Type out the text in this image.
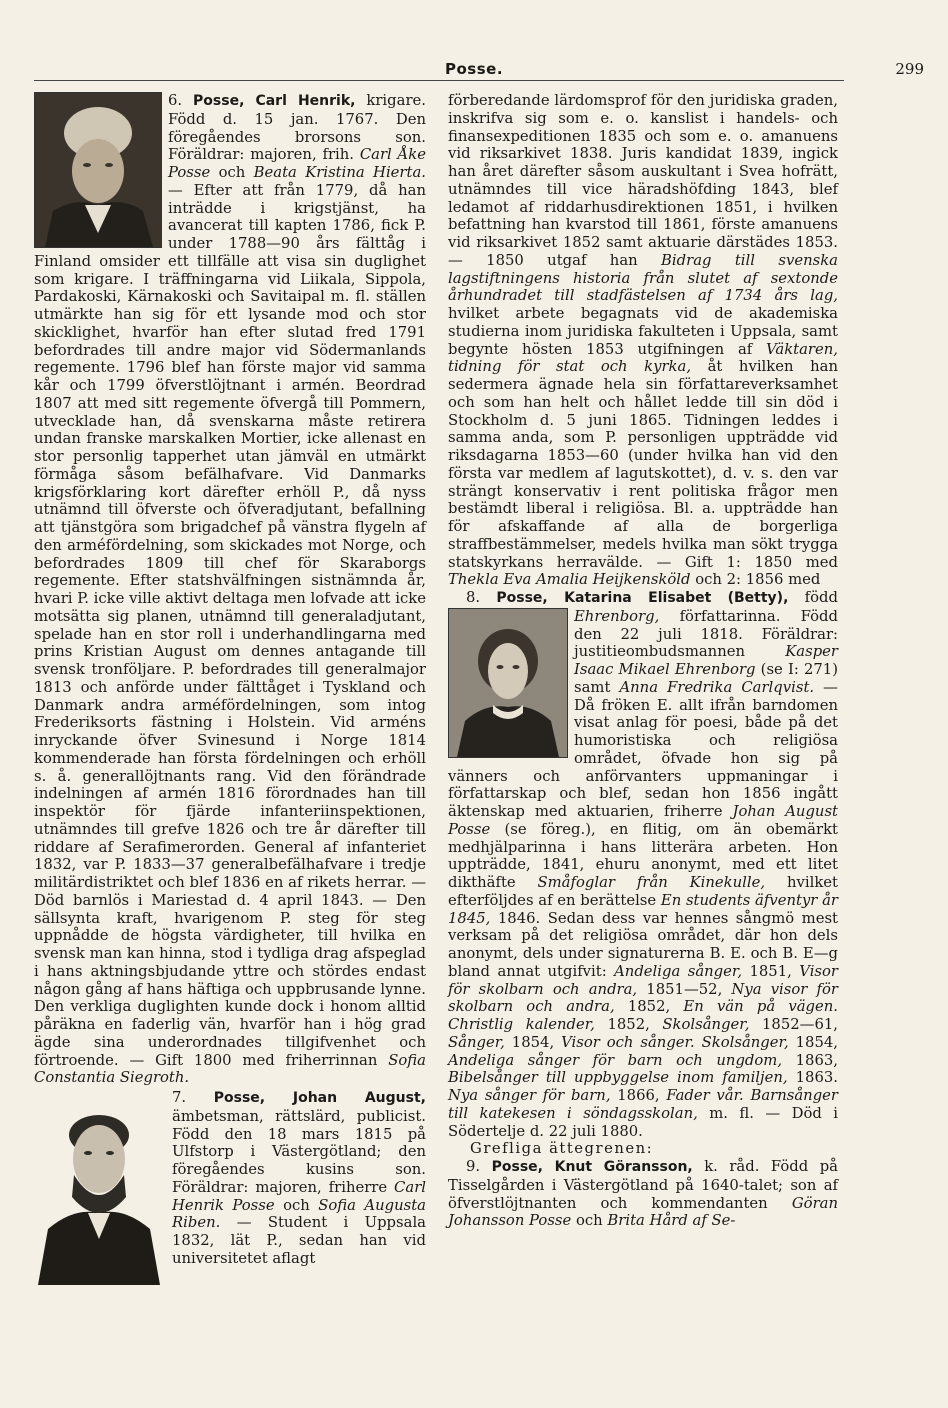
Posse.	299

6. Posse, Carl Henrik,
krigare. Född d. 15 jan. 1767. Den föregåendes brorsons son. Föräldrar: majoren, frih. Carl Åke Posse och Beata Kristina Hierta. — Efter att från 1779, då han inträdde i krigstjänst, ha avancerat till kapten 1786, fick P. under 1788—90 års fälttåg i Finland omsider ett tillfälle att visa sin duglighet som krigare. I träffningarna vid Liikala, Sippola, Pardakoski, Kärnakoski och Savitaipal m. fl. ställen utmärkte han sig för ett lysande mod och stor skicklighet, hvarför han efter slutad fred 1791 befordrades till andre major vid Södermanlands regemente. 1796 blef han förste major vid samma kår och 1799 öfverstlöjtnant i armén. Beordrad 1807 att med sitt regemente öfvergå till Pommern, utvecklade han, då svenskarna måste retirera undan franske marskalken Mortier, icke allenast en stor personlig tapperhet utan jämväl en utmärkt förmåga såsom befälhafvare. Vid Danmarks krigsförklaring kort därefter erhöll P., då nyss utnämnd till öfverste och öfveradjutant, befallning att tjänstgöra som brigadchef på vänstra flygeln af den arméfördelning, som skickades mot Norge, och befordrades 1809 till chef för Skaraborgs regemente. Efter statshvälfningen sistnämnda år, hvari P. icke ville aktivt deltaga men lofvade att icke motsätta sig planen, utnämnd till generaladjutant, spelade han en stor roll i underhandlingarna med prins Kristian August om dennes antagande till svensk tronföljare. P. befordrades till generalmajor 1813 och anförde under fälttåget i Tyskland och Danmark andra arméfördelningen, som intog Frederiksorts fästning i Holstein. Vid arméns inryckande öfver Svinesund i Norge 1814 kommenderade han första fördelningen och erhöll s. å. generallöjtnants rang. Vid den förändrade indelningen af armén 1816 förordnades han till inspektör för fjärde infanteriinspektionen, utnämndes till grefve 1826 och tre år därefter till riddare af Serafimerorden. General af infanteriet 1832, var P. 1833—37 generalbefälhafvare i tredje militärdistriktet och blef 1836 en af rikets herrar. — Död barnlös i Mariestad d. 4 april 1843. — Den sällsynta kraft, hvarigenom P. steg för steg uppnådde de högsta värdigheter, till hvilka en svensk man kan hinna, stod i tydliga drag afspeglad i hans aktningsbjudande yttre och stördes endast någon gång af hans häftiga och uppbrusande lynne. Den verkliga duglighten kunde dock i honom alltid påräkna en faderlig vän, hvarför han i hög grad ägde sina underordnades tillgifvenhet och förtroende. — Gift 1800 med friherrinnan Sofia Constantia Siegroth.

7. Posse, Johan August,
ämbetsman, rättslärd, publicist. Född den 18 mars 1815 på Ulfstorp i Västergötland; den föregåendes kusins son. Föräldrar: majoren, friherre Carl Henrik Posse och Sofia Augusta Riben. — Student i Uppsala 1832, lät P., sedan han vid universitetet aflagt

förberedande lärdomsprof för den juridiska graden, inskrifva sig som e. o. kanslist i handels- och finansexpeditionen 1835 och som e. o. amanuens vid riksarkivet 1838. Juris kandidat 1839, ingick han året därefter såsom auskultant i Svea hofrätt, utnämndes till vice häradshöfding 1843, blef ledamot af riddarhusdirektionen 1851, i hvilken befattning han kvarstod till 1861, förste amanuens vid riksarkivet 1852 samt aktuarie därstädes 1853. — 1850 utgaf han Bidrag till svenska lagstiftningens historia från slutet af sextonde århundradet till stadfästelsen af 1734 års lag, hvilket arbete begagnats vid de akademiska studierna inom juridiska fakulteten i Uppsala, samt begynte hösten 1853 utgifningen af Väktaren, tidning för stat och kyrka, åt hvilken han sedermera ägnade hela sin författareverksamhet och som han helt och hållet ledde till sin död i Stockholm d. 5 juni 1865. Tidningen leddes i samma anda, som P. personligen uppträdde vid riksdagarna 1853—60 (under hvilka han vid den första var medlem af lagutskottet), d. v. s. den var strängt konservativ i rent politiska frågor men bestämdt liberal i religiösa. Bl. a. uppträdde han för afskaffande af alla de borgerliga straffbestämmelser, medels hvilka man sökt trygga statskyrkans herravälde. — Gift 1: 1850 med Thekla Eva Amalia Heijkensköld och 2: 1856 med

8. Posse, Katarina Elisabet (Betty),
född Ehrenborg, författarinna. Född den 22 juli 1818. Föräldrar: justitieombudsmannen Kasper Isaac Mikael Ehrenborg (se I: 271) samt Anna Fredrika Carlqvist. — Då fröken E. allt ifrån barndomen visat anlag för poesi, både på det humoristiska och religiösa området, öfvade hon sig på vänners och anförvanters uppmaningar i författarskap och blef, sedan hon 1856 ingått äktenskap med aktuarien, friherre Johan August Posse (se föreg.), en flitig, om än obemärkt medhjälparinna i hans litterära arbeten. Hon uppträdde, 1841, ehuru anonymt, med ett litet dikthäfte Småfoglar från Kinekulle, hvilket efterföljdes af en berättelse En students äfventyr år 1845, 1846. Sedan dess var hennes sångmö mest verksam på det religiösa området, där hon dels anonymt, dels under signaturerna B. E. och B. E—g bland annat utgifvit: Andeliga sånger, 1851, Visor för skolbarn och andra, 1851—52, Nya visor för skolbarn och andra, 1852, En vän på vägen. Christlig kalender, 1852, Skolsånger, 1852—61, Sånger, 1854, Visor och sånger. Skolsånger, 1854, Andeliga sånger för barn och ungdom, 1863, Bibelsånger till uppbyggelse inom familjen, 1863. Nya sånger för barn, 1866, Fader vår. Barnsånger till katekesen i söndagsskolan, m. fl. — Död i Södertelje d. 22 juli 1880.

Grefliga ättegrenen:

9. Posse, Knut Göransson, k. råd. Född på Tisselgården i Västergötland på 1640-talet; son af öfverstlöjtnanten och kommendanten Göran Johansson Posse och Brita Hård af Se-
